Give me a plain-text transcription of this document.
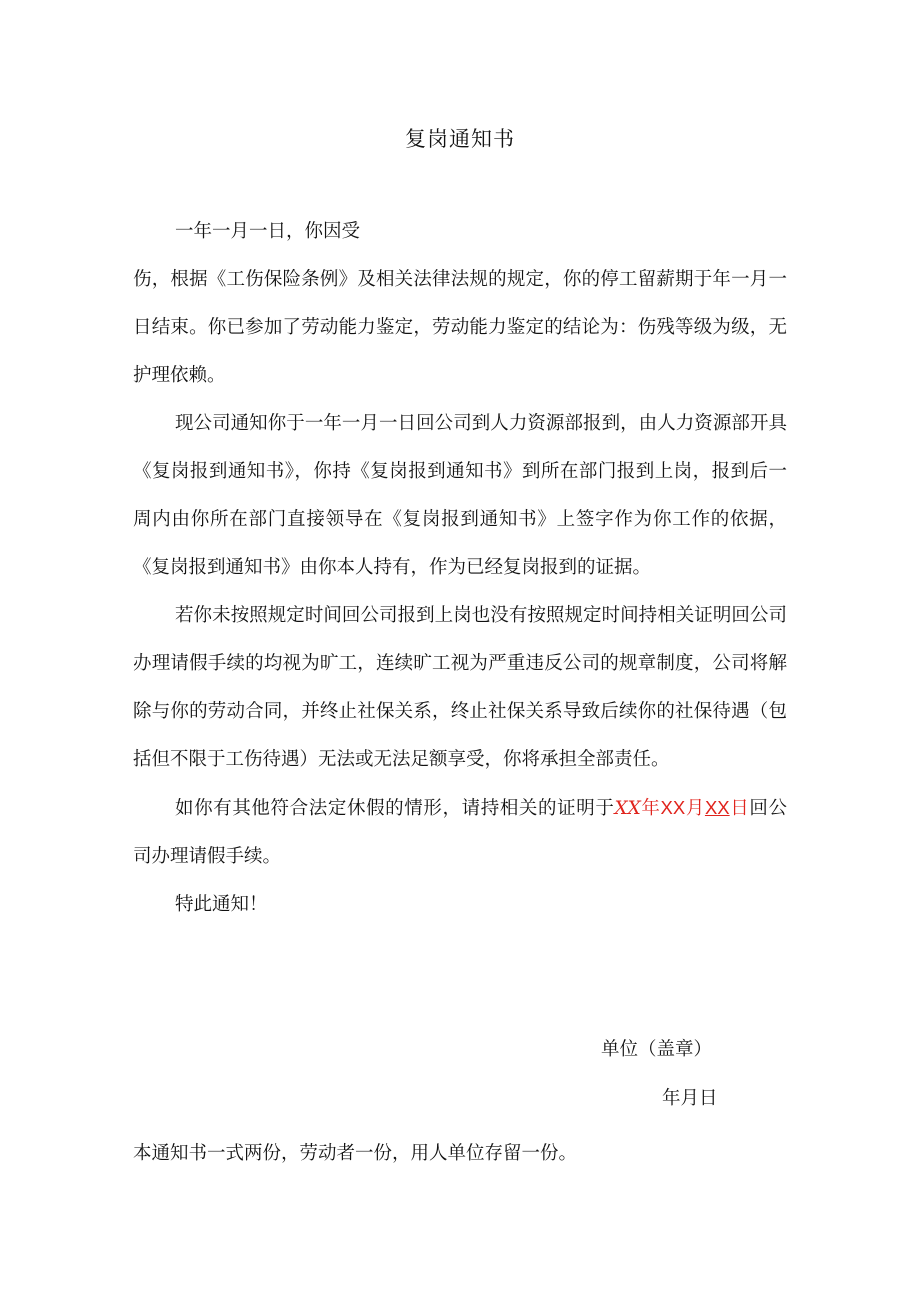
复岗通知书

一年一月一日，你因受

伤，根据《工伤保险条例》及相关法律法规的规定，你的停工留薪期于年一月一日结束。你已参加了劳动能力鉴定，劳动能力鉴定的结论为：伤残等级为级，无护理依赖。

现公司通知你于一年一月一日回公司到人力资源部报到，由人力资源部开具《复岗报到通知书》，你持《复岗报到通知书》到所在部门报到上岗，报到后一周内由你所在部门直接领导在《复岗报到通知书》上签字作为你工作的依据，《复岗报到通知书》由你本人持有，作为已经复岗报到的证据。

若你未按照规定时间回公司报到上岗也没有按照规定时间持相关证明回公司办理请假手续的均视为旷工，连续旷工视为严重违反公司的规章制度，公司将解除与你的劳动合同，并终止社保关系，终止社保关系导致后续你的社保待遇（包括但不限于工伤待遇）无法或无法足额享受，你将承担全部责任。

如你有其他符合法定休假的情形，请持相关的证明于XX年XX月XX日回公司办理请假手续。

特此通知！

单位（盖章）
年月日
本通知书一式两份，劳动者一份，用人单位存留一份。
